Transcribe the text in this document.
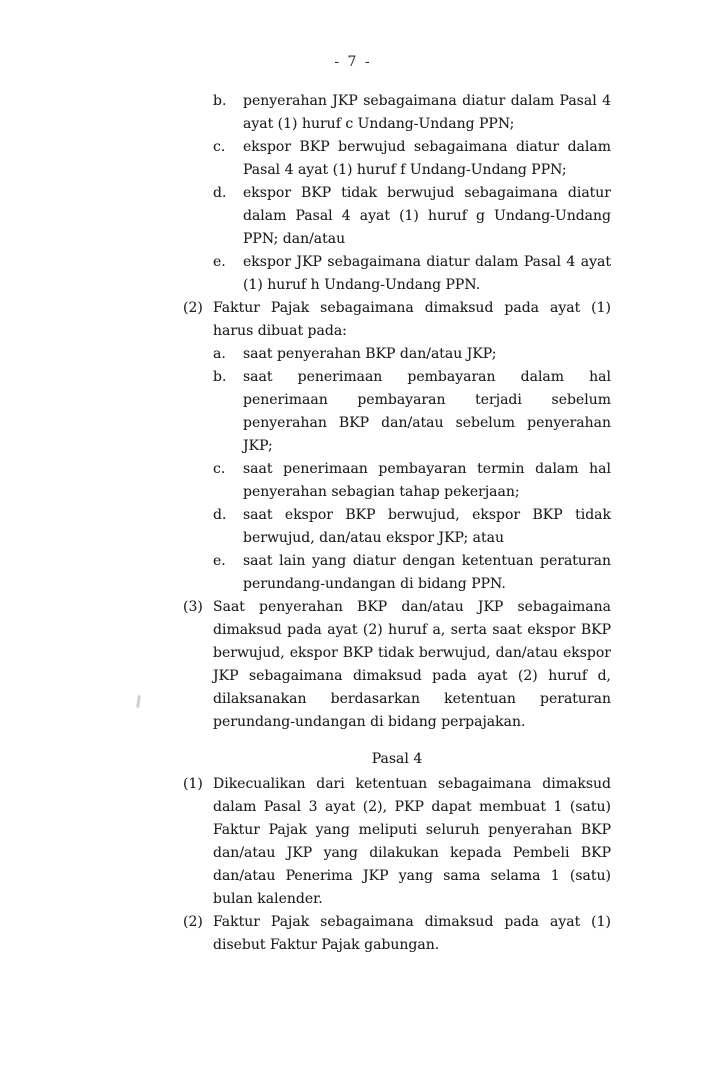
- 7 -
b.	penyerahan JKP sebagaimana diatur dalam Pasal 4 ayat (1) huruf c Undang-Undang PPN;
c.	ekspor BKP berwujud sebagaimana diatur dalam Pasal 4 ayat (1) huruf f Undang-Undang PPN;
d.	ekspor BKP tidak berwujud sebagaimana diatur dalam Pasal 4 ayat (1) huruf g Undang-Undang PPN; dan/atau
e.	ekspor JKP sebagaimana diatur dalam Pasal 4 ayat (1) huruf h Undang-Undang PPN.
(2) Faktur Pajak sebagaimana dimaksud pada ayat (1) harus dibuat pada:
a.	saat penyerahan BKP dan/atau JKP;
b.	saat penerimaan pembayaran dalam hal penerimaan pembayaran terjadi sebelum penyerahan BKP dan/atau sebelum penyerahan JKP;
c.	saat penerimaan pembayaran termin dalam hal penyerahan sebagian tahap pekerjaan;
d.	saat ekspor BKP berwujud, ekspor BKP tidak berwujud, dan/atau ekspor JKP; atau
e.	saat lain yang diatur dengan ketentuan peraturan perundang-undangan di bidang PPN.
(3) Saat penyerahan BKP dan/atau JKP sebagaimana dimaksud pada ayat (2) huruf a, serta saat ekspor BKP berwujud, ekspor BKP tidak berwujud, dan/atau ekspor JKP sebagaimana dimaksud pada ayat (2) huruf d, dilaksanakan berdasarkan ketentuan peraturan perundang-undangan di bidang perpajakan.
Pasal 4
(1) Dikecualikan dari ketentuan sebagaimana dimaksud dalam Pasal 3 ayat (2), PKP dapat membuat 1 (satu) Faktur Pajak yang meliputi seluruh penyerahan BKP dan/atau JKP yang dilakukan kepada Pembeli BKP dan/atau Penerima JKP yang sama selama 1 (satu) bulan kalender.
(2) Faktur Pajak sebagaimana dimaksud pada ayat (1) disebut Faktur Pajak gabungan.
